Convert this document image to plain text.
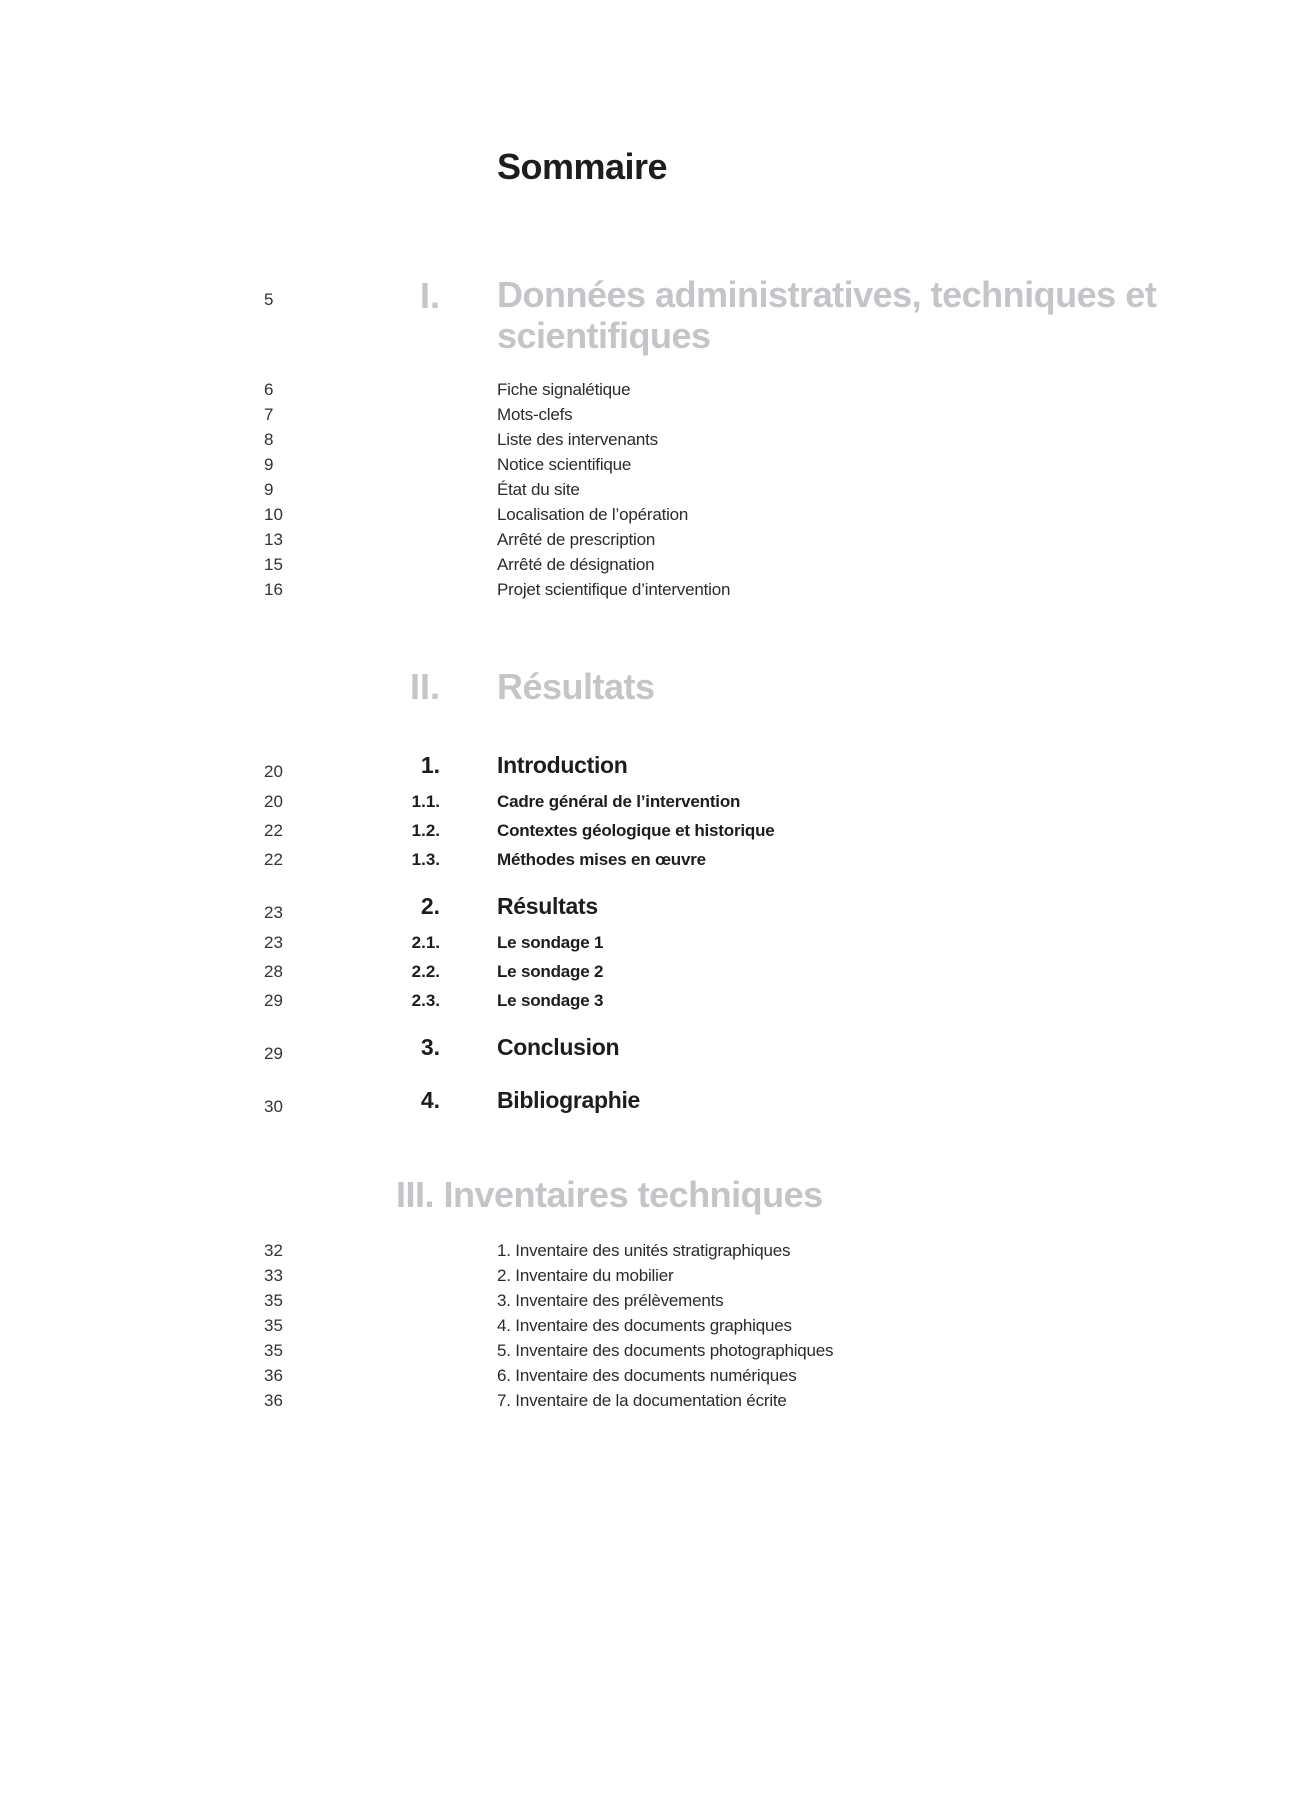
Sommaire
5	I. Données administratives, techniques et
scientifiques
6	Fiche signalétique
7	Mots-clefs
8	Liste des intervenants
9	Notice scientifique
9	État du site
10	Localisation de l’opération
13	Arrêté de prescription
15	Arrêté de désignation
16	Projet scientifique d’intervention
II. Résultats
20	1. Introduction
20	1.1.	Cadre général de l’intervention
22	1.2.	Contextes géologique et historique
22	1.3.	Méthodes mises en œuvre
23	2. Résultats
23	2.1.	Le sondage 1
28	2.2.	Le sondage 2
29	2.3.	Le sondage 3
29	3. Conclusion
30	4. Bibliographie
III. Inventaires techniques
32	1. Inventaire des unités stratigraphiques
33	2. Inventaire du mobilier
35	3. Inventaire des prélèvements
35	4. Inventaire des documents graphiques
35	5. Inventaire des documents photographiques
36	6. Inventaire des documents numériques
36	7. Inventaire de la documentation écrite
